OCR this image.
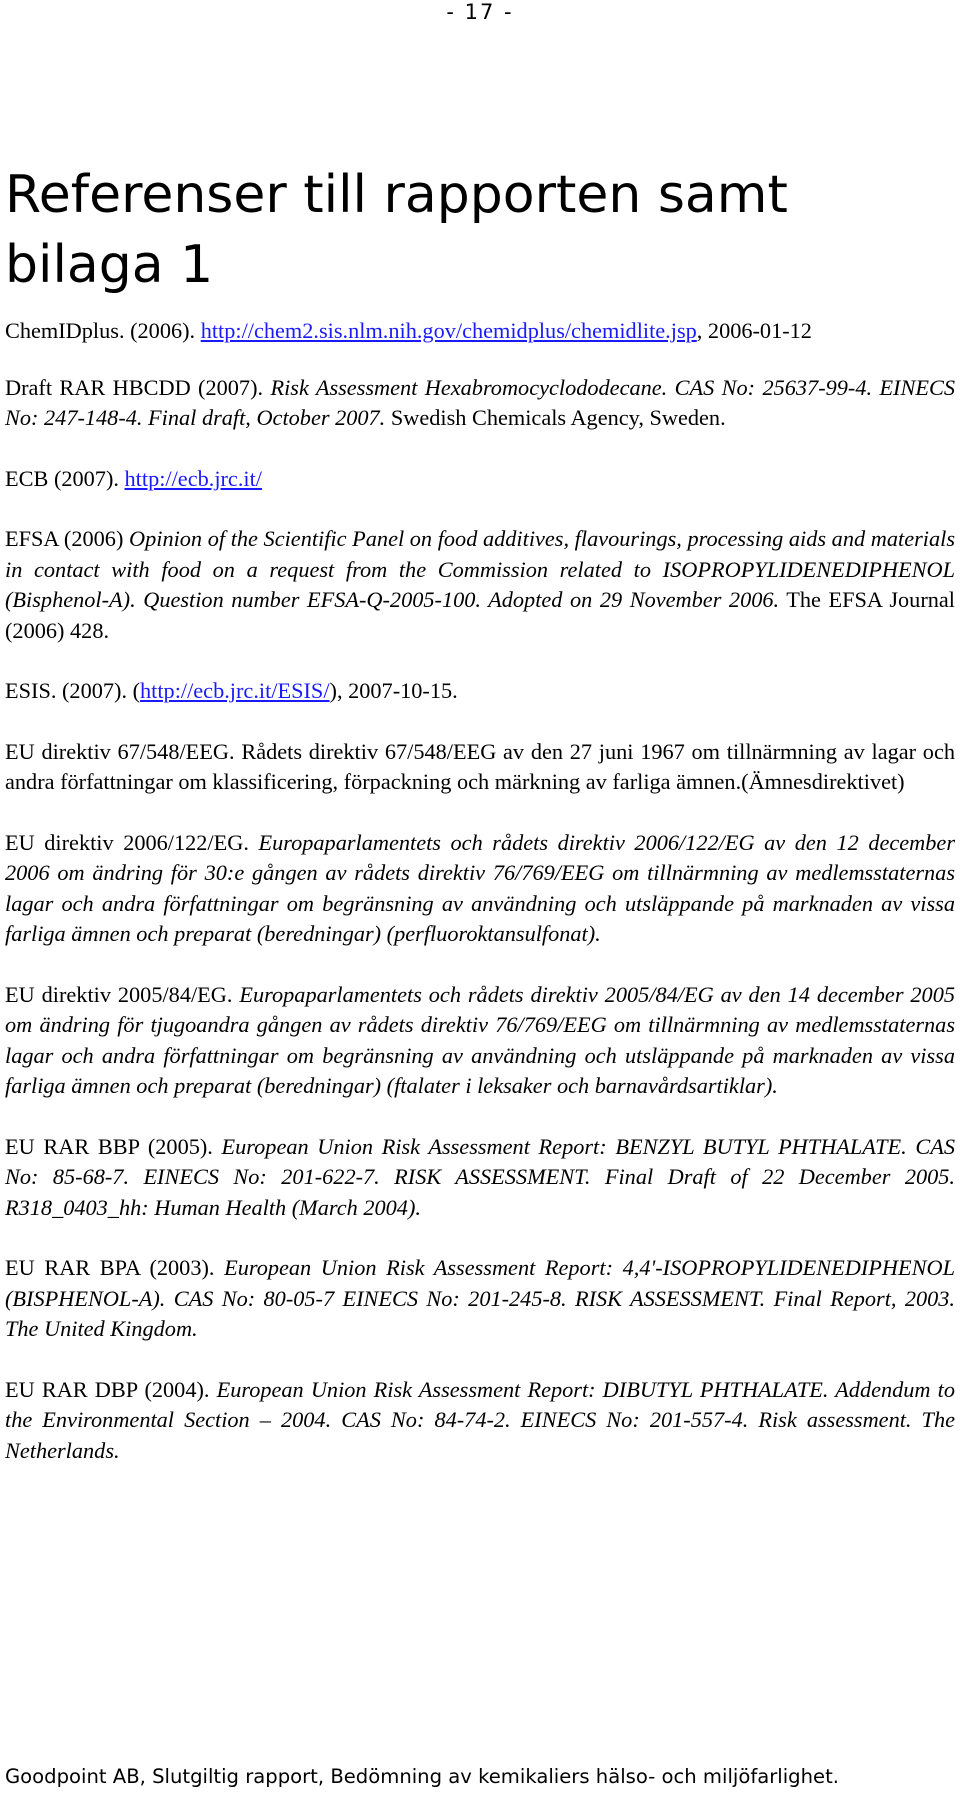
- 17 -
Referenser till rapporten samt bilaga 1

ChemIDplus. (2006). http://chem2.sis.nlm.nih.gov/chemidplus/chemidlite.jsp, 2006-01-12

Draft RAR HBCDD (2007). Risk Assessment Hexabromocyclododecane. CAS No: 25637-99-4. EINECS No: 247-148-4. Final draft, October 2007. Swedish Chemicals Agency, Sweden.

ECB (2007). http://ecb.jrc.it/

EFSA (2006) Opinion of the Scientific Panel on food additives, flavourings, processing aids and materials in contact with food on a request from the Commission related to ISOPROPYLIDENEDIPHENOL (Bisphenol-A). Question number EFSA-Q-2005-100. Adopted on 29 November 2006. The EFSA Journal (2006) 428.

ESIS. (2007). (http://ecb.jrc.it/ESIS/), 2007-10-15.

EU direktiv 67/548/EEG. Rådets direktiv 67/548/EEG av den 27 juni 1967 om tillnärmning av lagar och andra författningar om klassificering, förpackning och märkning av farliga ämnen.(Ämnesdirektivet)

EU direktiv 2006/122/EG. Europaparlamentets och rådets direktiv 2006/122/EG av den 12 december 2006 om ändring för 30:e gången av rådets direktiv 76/769/EEG om tillnärmning av medlemsstaternas lagar och andra författningar om begränsning av användning och utsläppande på marknaden av vissa farliga ämnen och preparat (beredningar) (perfluoroktansulfonat).

EU direktiv 2005/84/EG. Europaparlamentets och rådets direktiv 2005/84/EG av den 14 december 2005 om ändring för tjugoandra gången av rådets direktiv 76/769/EEG om tillnärmning av medlemsstaternas lagar och andra författningar om begränsning av användning och utsläppande på marknaden av vissa farliga ämnen och preparat (beredningar) (ftalater i leksaker och barnavårdsartiklar).

EU RAR BBP (2005). European Union Risk Assessment Report: BENZYL BUTYL PHTHALATE. CAS No: 85-68-7. EINECS No: 201-622-7. RISK ASSESSMENT. Final Draft of 22 December 2005. R318_0403_hh: Human Health (March 2004).

EU RAR BPA (2003). European Union Risk Assessment Report: 4,4'-ISOPROPYLIDENEDIPHENOL (BISPHENOL-A). CAS No: 80-05-7 EINECS No: 201-245-8. RISK ASSESSMENT. Final Report, 2003. The United Kingdom.

EU RAR DBP (2004). European Union Risk Assessment Report: DIBUTYL PHTHALATE. Addendum to the Environmental Section – 2004. CAS No: 84-74-2. EINECS No: 201-557-4. Risk assessment. The Netherlands.

Goodpoint AB, Slutgiltig rapport, Bedömning av kemikaliers hälso- och miljöfarlighet.
